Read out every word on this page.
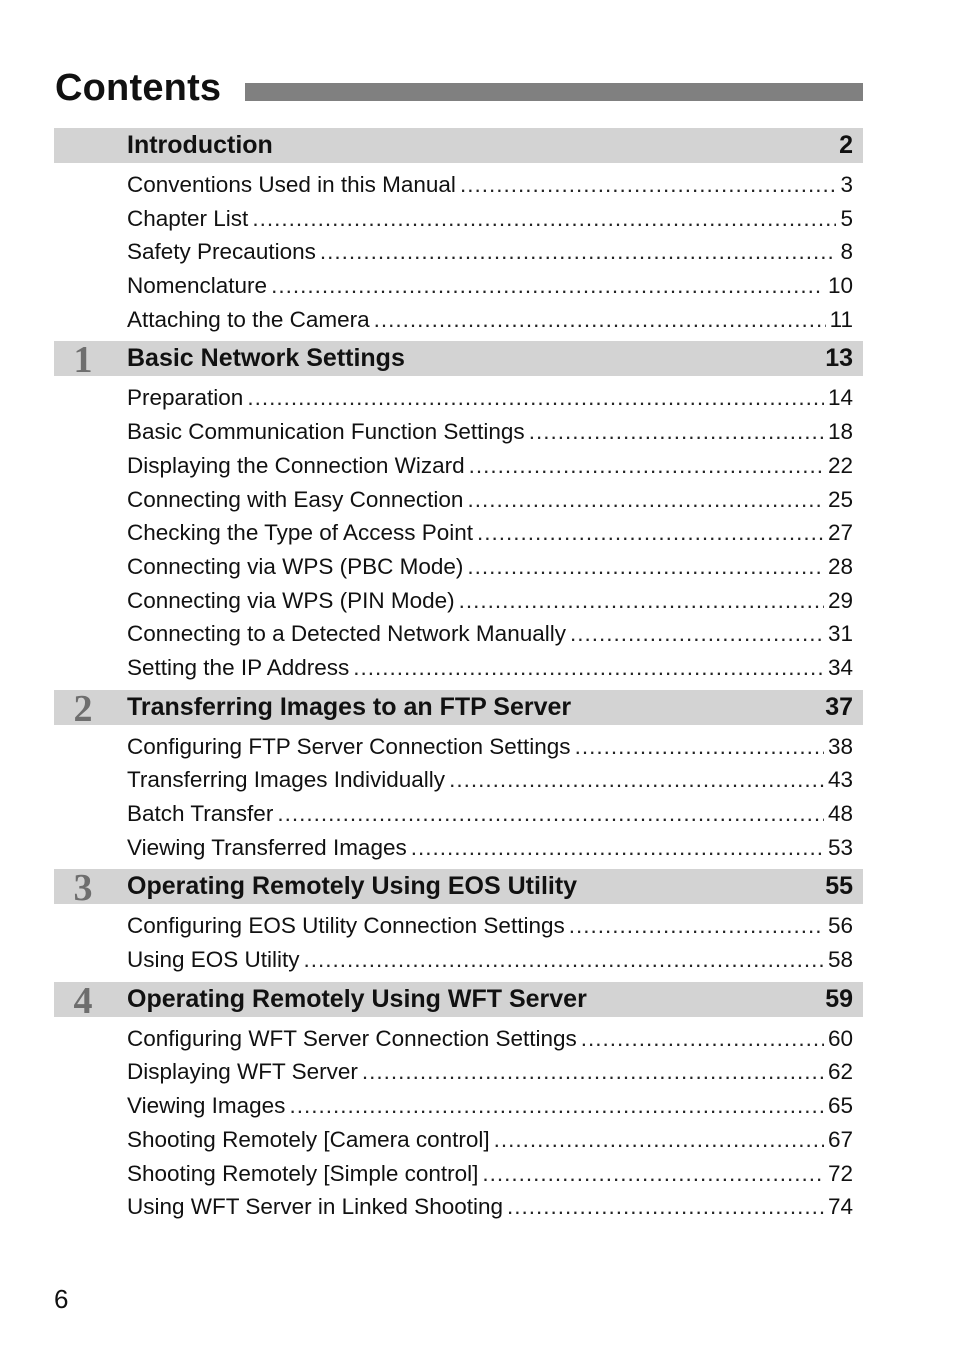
Contents
Introduction	2
Conventions Used in this Manual .....	3
Chapter List .....	5
Safety Precautions .....	8
Nomenclature .....	10
Attaching to the Camera .....	11
1	Basic Network Settings	13
Preparation .....	14
Basic Communication Function Settings .....	18
Displaying the Connection Wizard .....	22
Connecting with Easy Connection .....	25
Checking the Type of Access Point .....	27
Connecting via WPS (PBC Mode) .....	28
Connecting via WPS (PIN Mode) .....	29
Connecting to a Detected Network Manually .....	31
Setting the IP Address .....	34
2	Transferring Images to an FTP Server	37
Configuring FTP Server Connection Settings .....	38
Transferring Images Individually .....	43
Batch Transfer .....	48
Viewing Transferred Images .....	53
3	Operating Remotely Using EOS Utility	55
Configuring EOS Utility Connection Settings .....	56
Using EOS Utility .....	58
4	Operating Remotely Using WFT Server	59
Configuring WFT Server Connection Settings .....	60
Displaying WFT Server .....	62
Viewing Images .....	65
Shooting Remotely [Camera control] .....	67
Shooting Remotely [Simple control] .....	72
Using WFT Server in Linked Shooting .....	74
6
